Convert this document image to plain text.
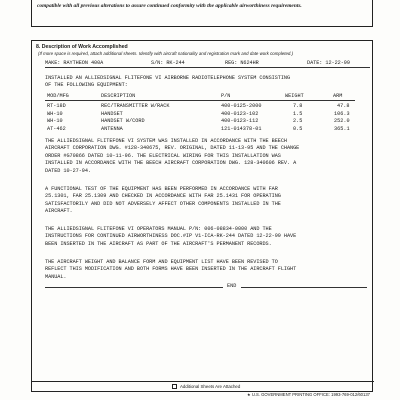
compatible with all previous alterations to assure continued conformity with the applicable airworthiness requirements.
8. Description of Work Accomplished
(If more space is required, attach additional sheets. Identify with aircraft nationality and registration mark and date work completed.)

MAKE: RAYTHEON 400A

	S/N: RK-244

	REG: N624HR

	DATE: 12-22-99

INSTALLED AN ALLIEDSIGNAL FLITEFONE VI AIRBORNE RADIOTELEPHONE SYSTEM CONSISTING
OF THE FOLLOWING EQUIPMENT:
MOD/MFG	DESCRIPTION	P/N	WEIGHT	ARM
RT-18D	REC/TRANSMITTER W/RACK	400-0125-2000	7.8	47.8
WH-10	HANDSET	400-0123-102	1.5	106.3
WH-10	HANDSET W/CORD	400-0123-112	2.5	252.0
AT-462	ANTENNA	121-014378-01	0.5	365.1
THE ALLIEDSIGNAL FLITEFONE VI SYSTEM WAS INSTALLED IN ACCORDANCE WITH THE BEECH
AIRCRAFT CORPORATION DWG. #128-340675, REV. ORIGINAL, DATED 11-13-95 AND THE CHANGE
ORDER #G70866 DATED 10-11-96. THE ELECTRICAL WIRING FOR THIS INSTALLATION WAS
INSTALLED IN ACCORDANCE WITH THE BEECH AIRCRAFT CORPORATION DWG. 128-340606 REV. A
DATED 10-27-94.
A FUNCTIONAL TEST OF THE EQUIPMENT HAS BEEN PERFORMED IN ACCORDANCE WITH FAR
25.1301, FAR 25.1309 AND CHECKED IN ACCORDANCE WITH FAR 25.1431 FOR OPERATING
SATISFACTORILY AND DID NOT ADVERSELY AFFECT OTHER COMPONENTS INSTALLED IN THE
AIRCRAFT.
THE ALLIEDSIGNAL FLITEFONE VI OPERATORS MANUAL P/N: 006-08834-0000 AND THE
INSTRUCTIONS FOR CONTINUED AIRWORTHINESS DOC.#IP V1-ICA-RK-244 DATED 12-22-99 HAVE
BEEN INSERTED IN THE AIRCRAFT AS PART OF THE AIRCRAFT'S PERMANENT RECORDS.
THE AIRCRAFT WEIGHT AND BALANCE FORM AND EQUIPMENT LIST HAVE BEEN REVISED TO
REFLECT THIS MODIFICATION AND BOTH FORMS HAVE BEEN INSERTED IN THE AIRCRAFT FLIGHT
MANUAL.
END
Additional Sheets Are Attached
★ U.S. GOVERNMENT PRINTING OFFICE: 1993-769-012/60137
